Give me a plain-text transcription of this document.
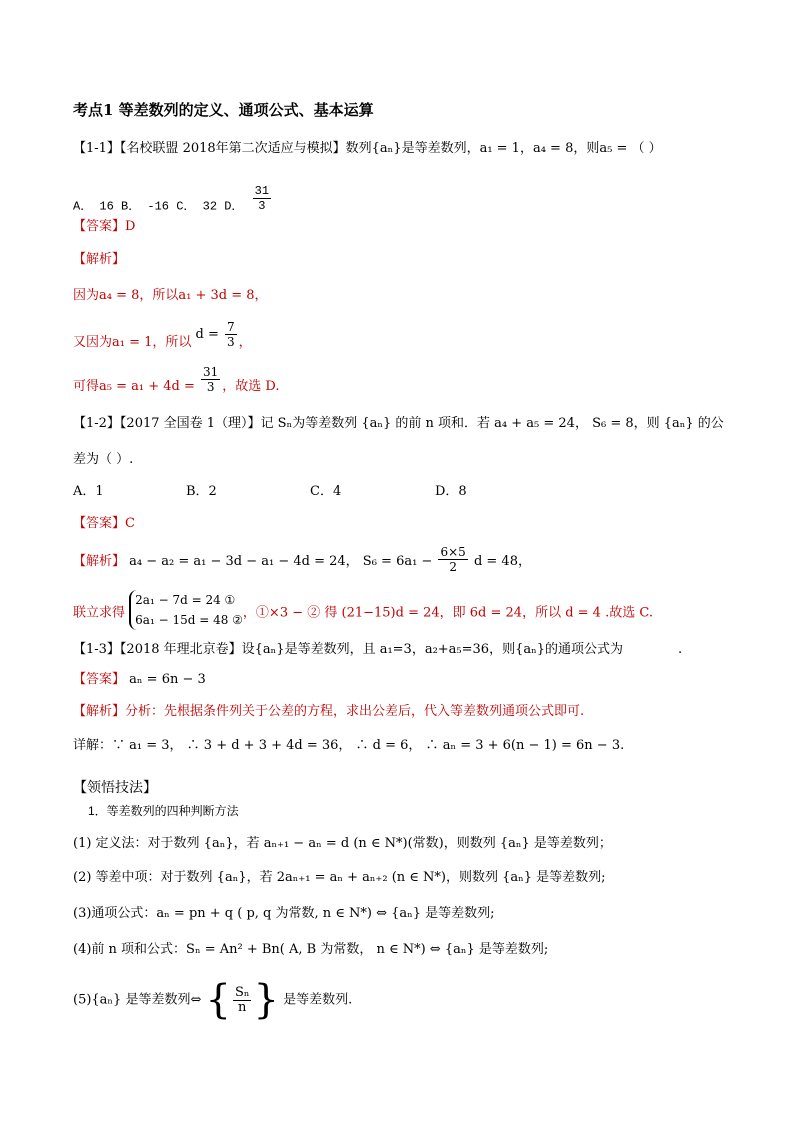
考点1 等差数列的定义、通项公式、基本运算
【1-1】【名校联盟 2018年第二次适应与模拟】数列{aₙ}是等差数列，a₁ = 1，a₄ = 8，则a₅ = （ ）
A． 16 B． -16 C． 32 D． $\frac{31}{3}$
【答案】D
【解析】
因为a₄ = 8，所以a₁ + 3d = 8，
又因为a₁ = 1，所以 $d = \frac{7}{3}$ ，
可得$a_5 = a_1 + 4d = \frac{31}{3}$ ，故选 D.
【1-2】【2017 全国卷 1（理）】记 Sₙ为等差数列 {aₙ} 的前 n 项和．若 a₄ + a₅ = 24， S₆ = 8，则 {aₙ} 的公
差为（ ）.
A．1	B．2	C．4	D．8
【答案】C
【解析】 a₄ − a₂ = a₁ − 3d − a₁ − 4d = 24， $S_6 = 6a_1 - \frac{6\times 5}{2}$ d = 48，
联立求得
2a₁ − 7d = 24 ①
6a₁ − 15d = 48 ② ，①×3 − ② 得 (21−15)d = 24，即 6d = 24，所以 d = 4 .故选 C.
【1-3】【2018 年理北京卷】设{aₙ}是等差数列，且 a₁=3，a₂+a₅=36，则{aₙ}的通项公式为	.
【答案】 aₙ = 6n − 3
【解析】分析：先根据条件列关于公差的方程，求出公差后，代入等差数列通项公式即可.
详解：∵ a₁ = 3， ∴ 3 + d + 3 + 4d = 36， ∴ d = 6， ∴ aₙ = 3 + 6(n − 1) = 6n − 3.
【领悟技法】
1．等差数列的四种判断方法
(1) 定义法：对于数列 {aₙ}，若 aₙ₊₁ − aₙ = d (n ∈ N*)(常数)，则数列 {aₙ} 是等差数列；
(2) 等差中项：对于数列 {aₙ}，若 2aₙ₊₁ = aₙ + aₙ₊₂ (n ∈ N*)，则数列 {aₙ} 是等差数列;
(3)通项公式：aₙ = pn + q ( p, q 为常数, n ∈ N*) ⇔ {aₙ} 是等差数列;
(4)前 n 项和公式：Sₙ = An² + Bn( A, B 为常数， n ∈ N*) ⇔ {aₙ} 是等差数列;
(5){aₙ} 是等差数列⇔ { $\frac{\text{Sₙ}}{n}$ } 是等差数列.
